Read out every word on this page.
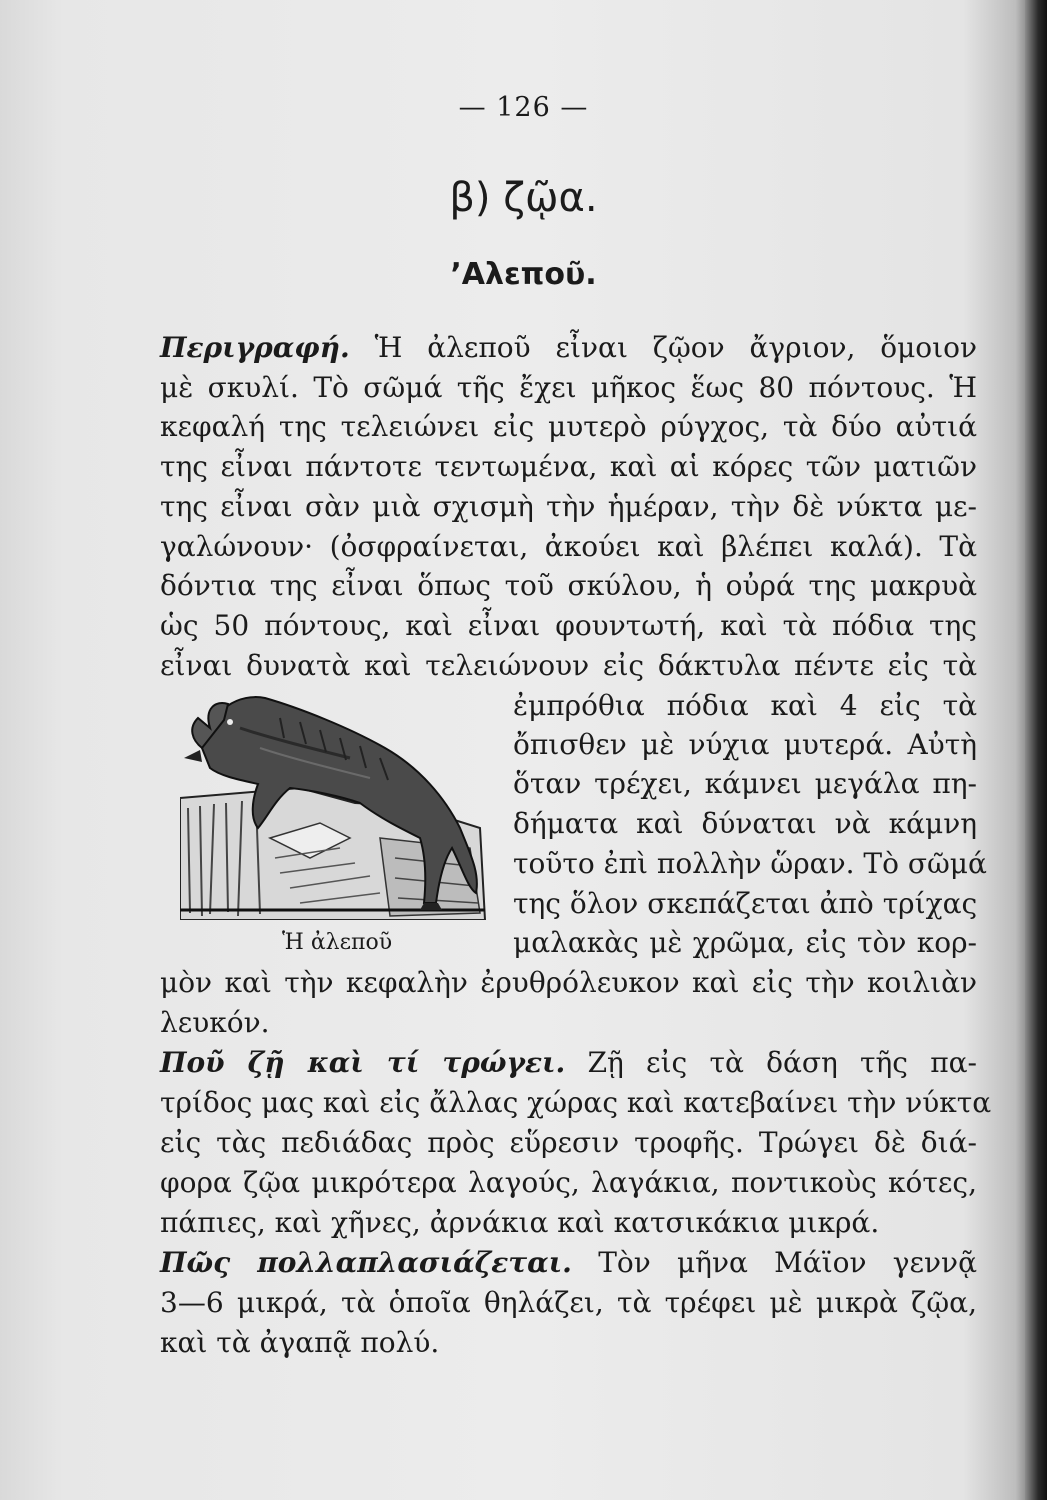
— 126 —
β) ζῷα.
ʼΑλεποῦ.
Περιγραφή. Ἡ ἀλεποῦ εἶναι ζῷον ἄγριον, ὅμοιον
μὲ σκυλί. Τὸ σῶμά τῆς ἔχει μῆκος ἕως 80 πόντους. Ἡ
κεφαλή της τελειώνει εἰς μυτερὸ ρύγχος, τὰ δύο αὐτιά
της εἶναι πάντοτε τεντωμένα, καὶ αἱ κόρες τῶν ματιῶν
της εἶναι σὰν μιὰ σχισμὴ τὴν ἡμέραν, τὴν δὲ νύκτα με-
γαλώνουν· (ὀσφραίνεται, ἀκούει καὶ βλέπει καλά). Τὰ
δόντια της εἶναι ὅπως τοῦ σκύλου, ἡ οὐρά της μακρυὰ
ὡς 50 πόντους, καὶ εἶναι φουντωτή, καὶ τὰ πόδια της
εἶναι δυνατὰ καὶ τελειώνουν εἰς δάκτυλα πέντε εἰς τὰ
ἐμπρόθια πόδια καὶ 4 εἰς τὰ
ὄπισθεν μὲ νύχια μυτερά. Αὐτὴ
ὅταν τρέχει, κάμνει μεγάλα πη-
δήματα καὶ δύναται νὰ κάμνη
τοῦτο ἐπὶ πολλὴν ὥραν. Τὸ σῶμά
της ὅλον σκεπάζεται ἀπὸ τρίχας
μαλακὰς μὲ χρῶμα, εἰς τὸν κορ-
μὸν καὶ τὴν κεφαλὴν ἐρυθρόλευκον καὶ εἰς τὴν κοιλιὰν
λευκόν.
Ἡ ἀλεποῦ
Ποῦ ζῇ καὶ τί τρώγει. Ζῇ εἰς τὰ δάση τῆς πα-
τρίδος μας καὶ εἰς ἄλλας χώρας καὶ κατεβαίνει τὴν νύκτα
εἰς τὰς πεδιάδας πρὸς εὕρεσιν τροφῆς. Τρώγει δὲ διά-
φορα ζῷα μικρότερα λαγούς, λαγάκια, ποντικοὺς κότες,
πάπιες, καὶ χῆνες, ἀρνάκια καὶ κατσικάκια μικρά.
Πῶς πολλαπλασιάζεται. Τὸν μῆνα Μάϊον γεννᾷ
3—6 μικρά, τὰ ὁποῖα θηλάζει, τὰ τρέφει μὲ μικρὰ ζῷα,
καὶ τὰ ἀγαπᾷ πολύ.
